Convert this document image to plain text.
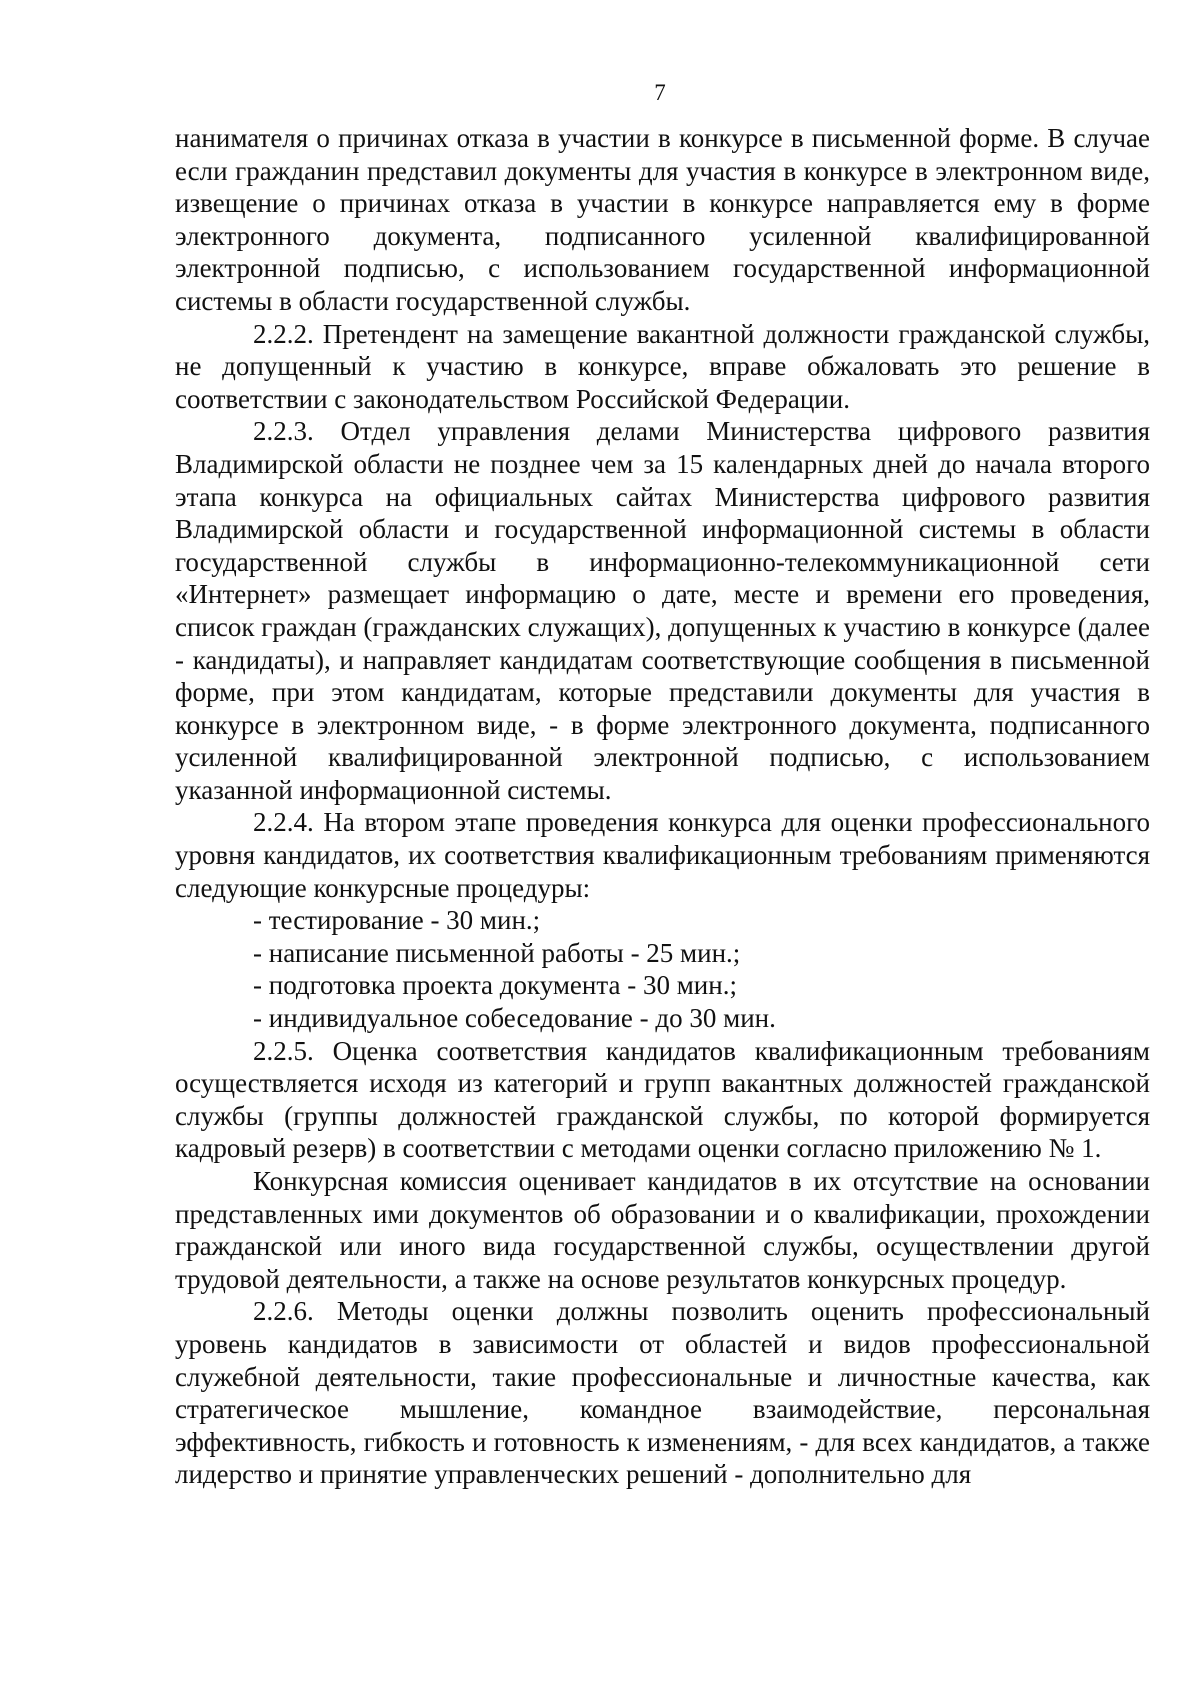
7

нанимателя о причинах отказа в участии в конкурсе в письменной форме. В случае если гражданин представил документы для участия в конкурсе в электронном виде, извещение о причинах отказа в участии в конкурсе направляется ему в форме электронного документа, подписанного усиленной квалифицированной электронной подписью, с использованием государственной информационной системы в области государственной службы.

2.2.2. Претендент на замещение вакантной должности гражданской службы, не допущенный к участию в конкурсе, вправе обжаловать это решение в соответствии с законодательством Российской Федерации.

2.2.3. Отдел управления делами Министерства цифрового развития Владимирской области не позднее чем за 15 календарных дней до начала второго этапа конкурса на официальных сайтах Министерства цифрового развития Владимирской области и государственной информационной системы в области государственной службы в информационно-телекоммуникационной сети «Интернет» размещает информацию о дате, месте и времени его проведения, список граждан (гражданских служащих), допущенных к участию в конкурсе (далее - кандидаты), и направляет кандидатам соответствующие сообщения в письменной форме, при этом кандидатам, которые представили документы для участия в конкурсе в электронном виде, - в форме электронного документа, подписанного усиленной квалифицированной электронной подписью, с использованием указанной информационной системы.

2.2.4. На втором этапе проведения конкурса для оценки профессионального уровня кандидатов, их соответствия квалификационным требованиям применяются следующие конкурсные процедуры:

- тестирование - 30 мин.;

- написание письменной работы - 25 мин.;

- подготовка проекта документа - 30 мин.;

- индивидуальное собеседование - до 30 мин.

2.2.5. Оценка соответствия кандидатов квалификационным требованиям осуществляется исходя из категорий и групп вакантных должностей гражданской службы (группы должностей гражданской службы, по которой формируется кадровый резерв) в соответствии с методами оценки согласно приложению № 1.

Конкурсная комиссия оценивает кандидатов в их отсутствие на основании представленных ими документов об образовании и о квалификации, прохождении гражданской или иного вида государственной службы, осуществлении другой трудовой деятельности, а также на основе результатов конкурсных процедур.

2.2.6. Методы оценки должны позволить оценить профессиональный уровень кандидатов в зависимости от областей и видов профессиональной служебной деятельности, такие профессиональные и личностные качества, как стратегическое мышление, командное взаимодействие, персональная эффективность, гибкость и готовность к изменениям, - для всех кандидатов, а также лидерство и принятие управленческих решений - дополнительно для
